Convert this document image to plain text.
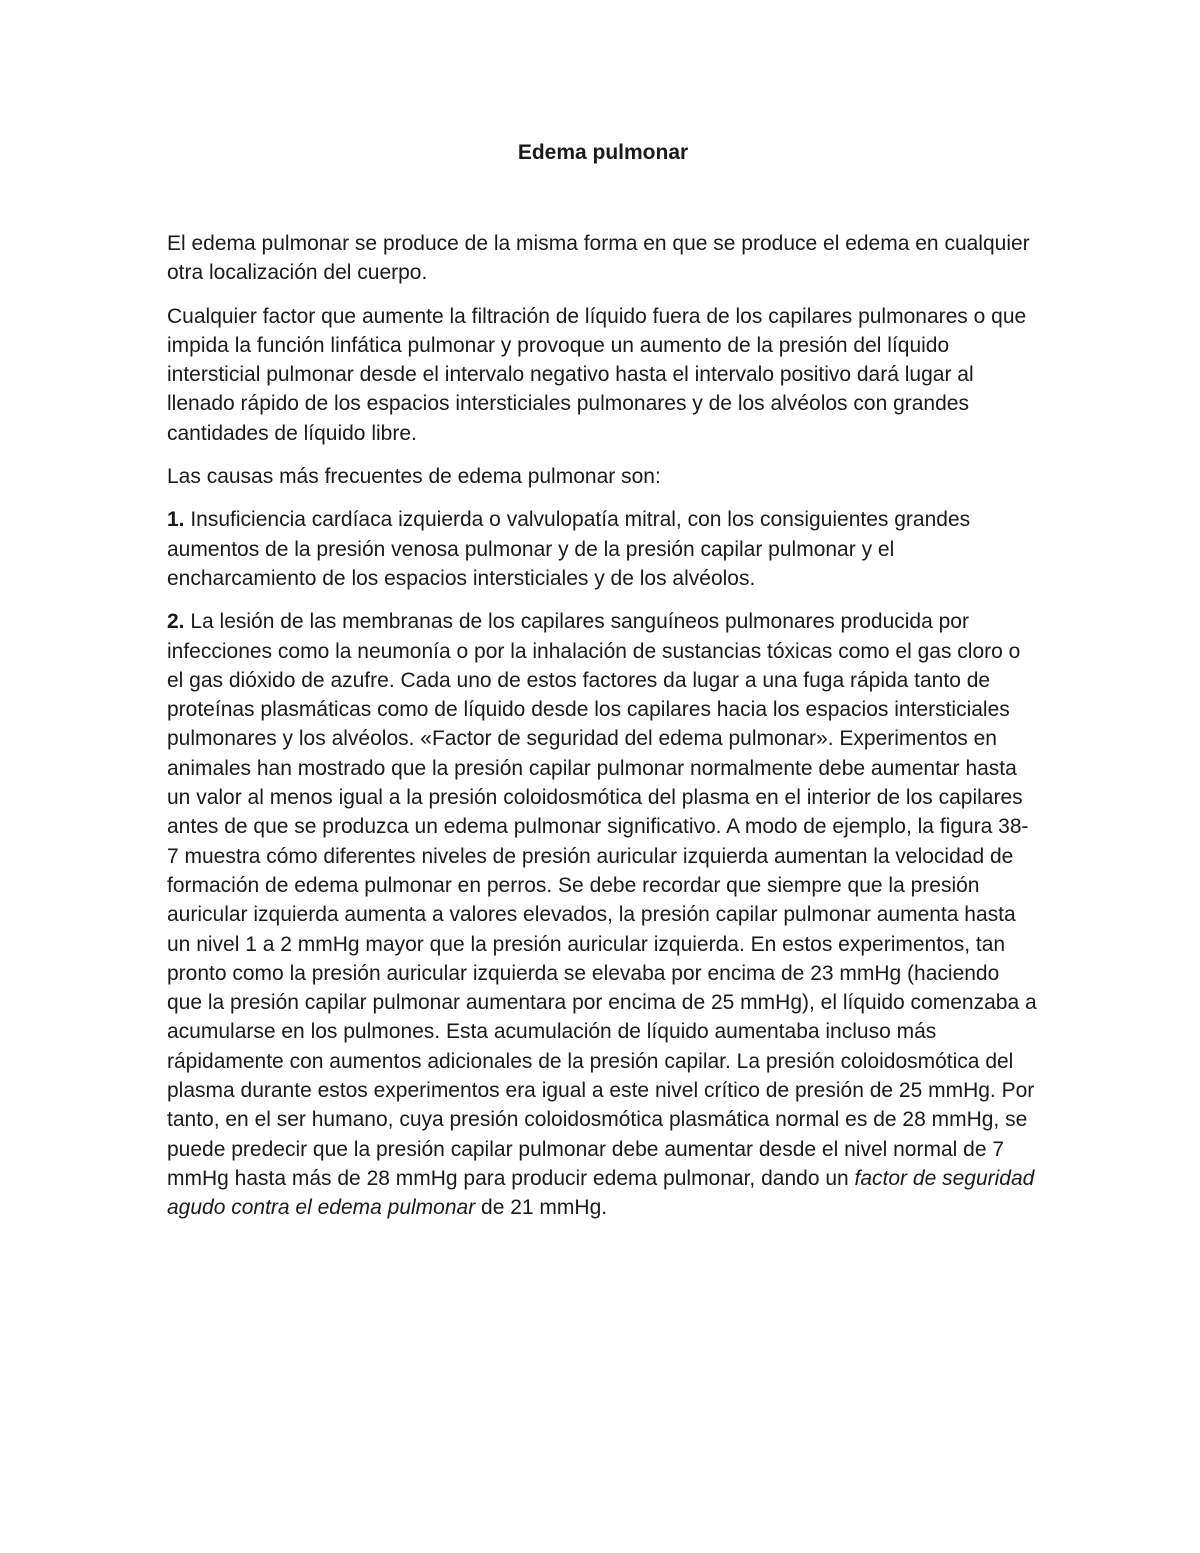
Edema pulmonar

El edema pulmonar se produce de la misma forma en que se produce el edema en cualquier otra localización del cuerpo.

Cualquier factor que aumente la filtración de líquido fuera de los capilares pulmonares o que impida la función linfática pulmonar y provoque un aumento de la presión del líquido intersticial pulmonar desde el intervalo negativo hasta el intervalo positivo dará lugar al llenado rápido de los espacios intersticiales pulmonares y de los alvéolos con grandes cantidades de líquido libre.

Las causas más frecuentes de edema pulmonar son:

1. Insuficiencia cardíaca izquierda o valvulopatía mitral, con los consiguientes grandes aumentos de la presión venosa pulmonar y de la presión capilar pulmonar y el encharcamiento de los espacios intersticiales y de los alvéolos.

2. La lesión de las membranas de los capilares sanguíneos pulmonares producida por infecciones como la neumonía o por la inhalación de sustancias tóxicas como el gas cloro o el gas dióxido de azufre. Cada uno de estos factores da lugar a una fuga rápida tanto de proteínas plasmáticas como de líquido desde los capilares hacia los espacios intersticiales pulmonares y los alvéolos. «Factor de seguridad del edema pulmonar». Experimentos en animales han mostrado que la presión capilar pulmonar normalmente debe aumentar hasta un valor al menos igual a la presión coloidosmótica del plasma en el interior de los capilares antes de que se produzca un edema pulmonar significativo. A modo de ejemplo, la figura 38-7 muestra cómo diferentes niveles de presión auricular izquierda aumentan la velocidad de formación de edema pulmonar en perros. Se debe recordar que siempre que la presión auricular izquierda aumenta a valores elevados, la presión capilar pulmonar aumenta hasta un nivel 1 a 2 mmHg mayor que la presión auricular izquierda. En estos experimentos, tan pronto como la presión auricular izquierda se elevaba por encima de 23 mmHg (haciendo que la presión capilar pulmonar aumentara por encima de 25 mmHg), el líquido comenzaba a acumularse en los pulmones. Esta acumulación de líquido aumentaba incluso más rápidamente con aumentos adicionales de la presión capilar. La presión coloidosmótica del plasma durante estos experimentos era igual a este nivel crítico de presión de 25 mmHg. Por tanto, en el ser humano, cuya presión coloidosmótica plasmática normal es de 28 mmHg, se puede predecir que la presión capilar pulmonar debe aumentar desde el nivel normal de 7 mmHg hasta más de 28 mmHg para producir edema pulmonar, dando un factor de seguridad agudo contra el edema pulmonar de 21 mmHg.
